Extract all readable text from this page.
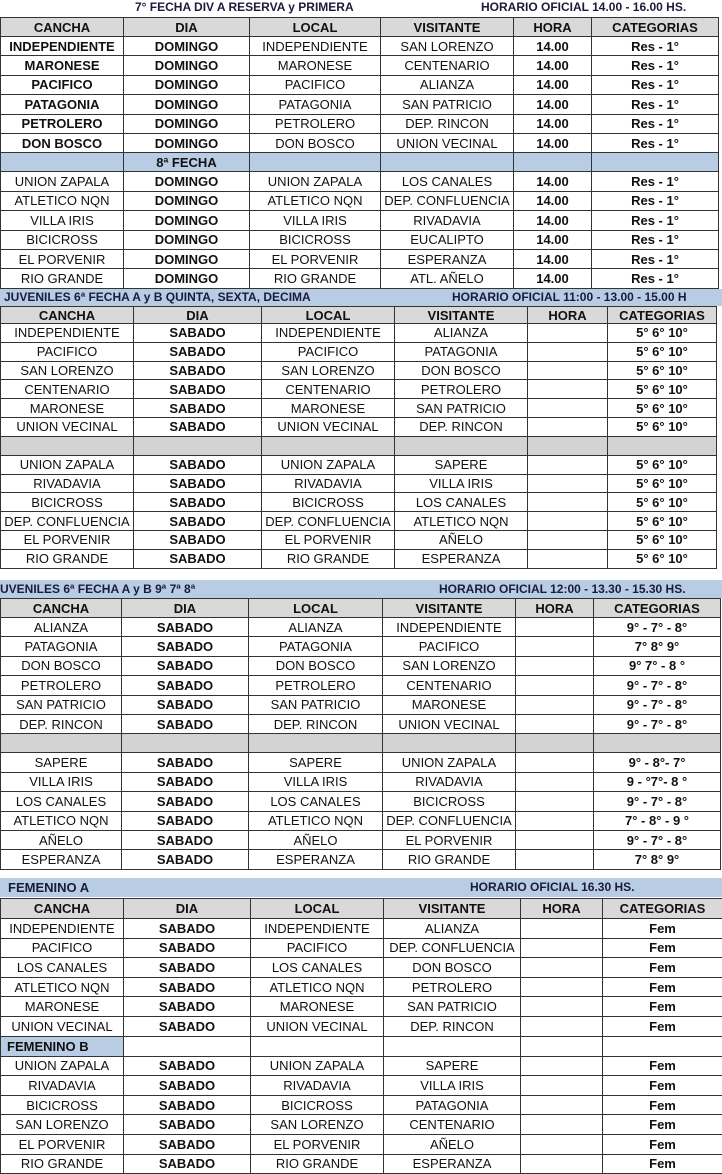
7° FECHA DIV A RESERVA y PRIMERA	HORARIO OFICIAL 14.00 - 16.00 HS.
CANCHA	DIA	LOCAL	VISITANTE	HORA	CATEGORIAS
INDEPENDIENTE	DOMINGO	INDEPENDIENTE	SAN LORENZO	14.00	Res - 1°
MARONESE	DOMINGO	MARONESE	CENTENARIO	14.00	Res - 1°
PACIFICO	DOMINGO	PACIFICO	ALIANZA	14.00	Res - 1°
PATAGONIA	DOMINGO	PATAGONIA	SAN PATRICIO	14.00	Res - 1°
PETROLERO	DOMINGO	PETROLERO	DEP. RINCON	14.00	Res - 1°
DON BOSCO	DOMINGO	DON BOSCO	UNION VECINAL	14.00	Res - 1°
	8ª FECHA				
UNION ZAPALA	DOMINGO	UNION ZAPALA	LOS CANALES	14.00	Res - 1°
ATLETICO NQN	DOMINGO	ATLETICO NQN	DEP. CONFLUENCIA	14.00	Res - 1°
VILLA IRIS	DOMINGO	VILLA IRIS	RIVADAVIA	14.00	Res - 1°
BICICROSS	DOMINGO	BICICROSS	EUCALIPTO	14.00	Res - 1°
EL PORVENIR	DOMINGO	EL PORVENIR	ESPERANZA	14.00	Res - 1°
RIO GRANDE	DOMINGO	RIO GRANDE	ATL. AÑELO	14.00	Res - 1°
JUVENILES 6ª FECHA A y B QUINTA, SEXTA, DECIMA	HORARIO OFICIAL 11:00 - 13.00 - 15.00 H
CANCHA	DIA	LOCAL	VISITANTE	HORA	CATEGORIAS
INDEPENDIENTE	SABADO	INDEPENDIENTE	ALIANZA		5° 6° 10°
PACIFICO	SABADO	PACIFICO	PATAGONIA		5° 6° 10°
SAN LORENZO	SABADO	SAN LORENZO	DON BOSCO		5° 6° 10°
CENTENARIO	SABADO	CENTENARIO	PETROLERO		5° 6° 10°
MARONESE	SABADO	MARONESE	SAN PATRICIO		5° 6° 10°
UNION VECINAL	SABADO	UNION VECINAL	DEP. RINCON		5° 6° 10°

UNION ZAPALA	SABADO	UNION ZAPALA	SAPERE		5° 6° 10°
RIVADAVIA	SABADO	RIVADAVIA	VILLA IRIS		5° 6° 10°
BICICROSS	SABADO	BICICROSS	LOS CANALES		5° 6° 10°
DEP. CONFLUENCIA	SABADO	DEP. CONFLUENCIA	ATLETICO NQN		5° 6° 10°
EL PORVENIR	SABADO	EL PORVENIR	AÑELO		5° 6° 10°
RIO GRANDE	SABADO	RIO GRANDE	ESPERANZA		5° 6° 10°
UVENILES 6ª FECHA A y B 9ª 7ª 8ª	HORARIO OFICIAL 12:00 - 13.30 - 15.30 HS.
CANCHA	DIA	LOCAL	VISITANTE	HORA	CATEGORIAS
ALIANZA	SABADO	ALIANZA	INDEPENDIENTE		9° - 7° - 8°
PATAGONIA	SABADO	PATAGONIA	PACIFICO		7° 8° 9°
DON BOSCO	SABADO	DON BOSCO	SAN LORENZO		9° 7° - 8 °
PETROLERO	SABADO	PETROLERO	CENTENARIO		9° - 7° - 8°
SAN PATRICIO	SABADO	SAN PATRICIO	MARONESE		9° - 7° - 8°
DEP. RINCON	SABADO	DEP. RINCON	UNION VECINAL		9° - 7° - 8°

SAPERE	SABADO	SAPERE	UNION ZAPALA		9° - 8°- 7°
VILLA IRIS	SABADO	VILLA IRIS	RIVADAVIA		9 - °7°- 8 °
LOS CANALES	SABADO	LOS CANALES	BICICROSS		9° - 7° - 8°
ATLETICO NQN	SABADO	ATLETICO NQN	DEP. CONFLUENCIA		7° - 8° - 9 °
AÑELO	SABADO	AÑELO	EL PORVENIR		9° - 7° - 8°
ESPERANZA	SABADO	ESPERANZA	RIO GRANDE		7° 8° 9°
FEMENINO A	HORARIO OFICIAL 16.30 HS.
CANCHA	DIA	LOCAL	VISITANTE	HORA	CATEGORIAS
INDEPENDIENTE	SABADO	INDEPENDIENTE	ALIANZA		Fem
PACIFICO	SABADO	PACIFICO	DEP. CONFLUENCIA		Fem
LOS CANALES	SABADO	LOS CANALES	DON BOSCO		Fem
ATLETICO NQN	SABADO	ATLETICO NQN	PETROLERO		Fem
MARONESE	SABADO	MARONESE	SAN PATRICIO		Fem
UNION VECINAL	SABADO	UNION VECINAL	DEP. RINCON		Fem
FEMENINO B					
UNION ZAPALA	SABADO	UNION ZAPALA	SAPERE		Fem
RIVADAVIA	SABADO	RIVADAVIA	VILLA IRIS		Fem
BICICROSS	SABADO	BICICROSS	PATAGONIA		Fem
SAN LORENZO	SABADO	SAN LORENZO	CENTENARIO		Fem
EL PORVENIR	SABADO	EL PORVENIR	AÑELO		Fem
RIO GRANDE	SABADO	RIO GRANDE	ESPERANZA		Fem
